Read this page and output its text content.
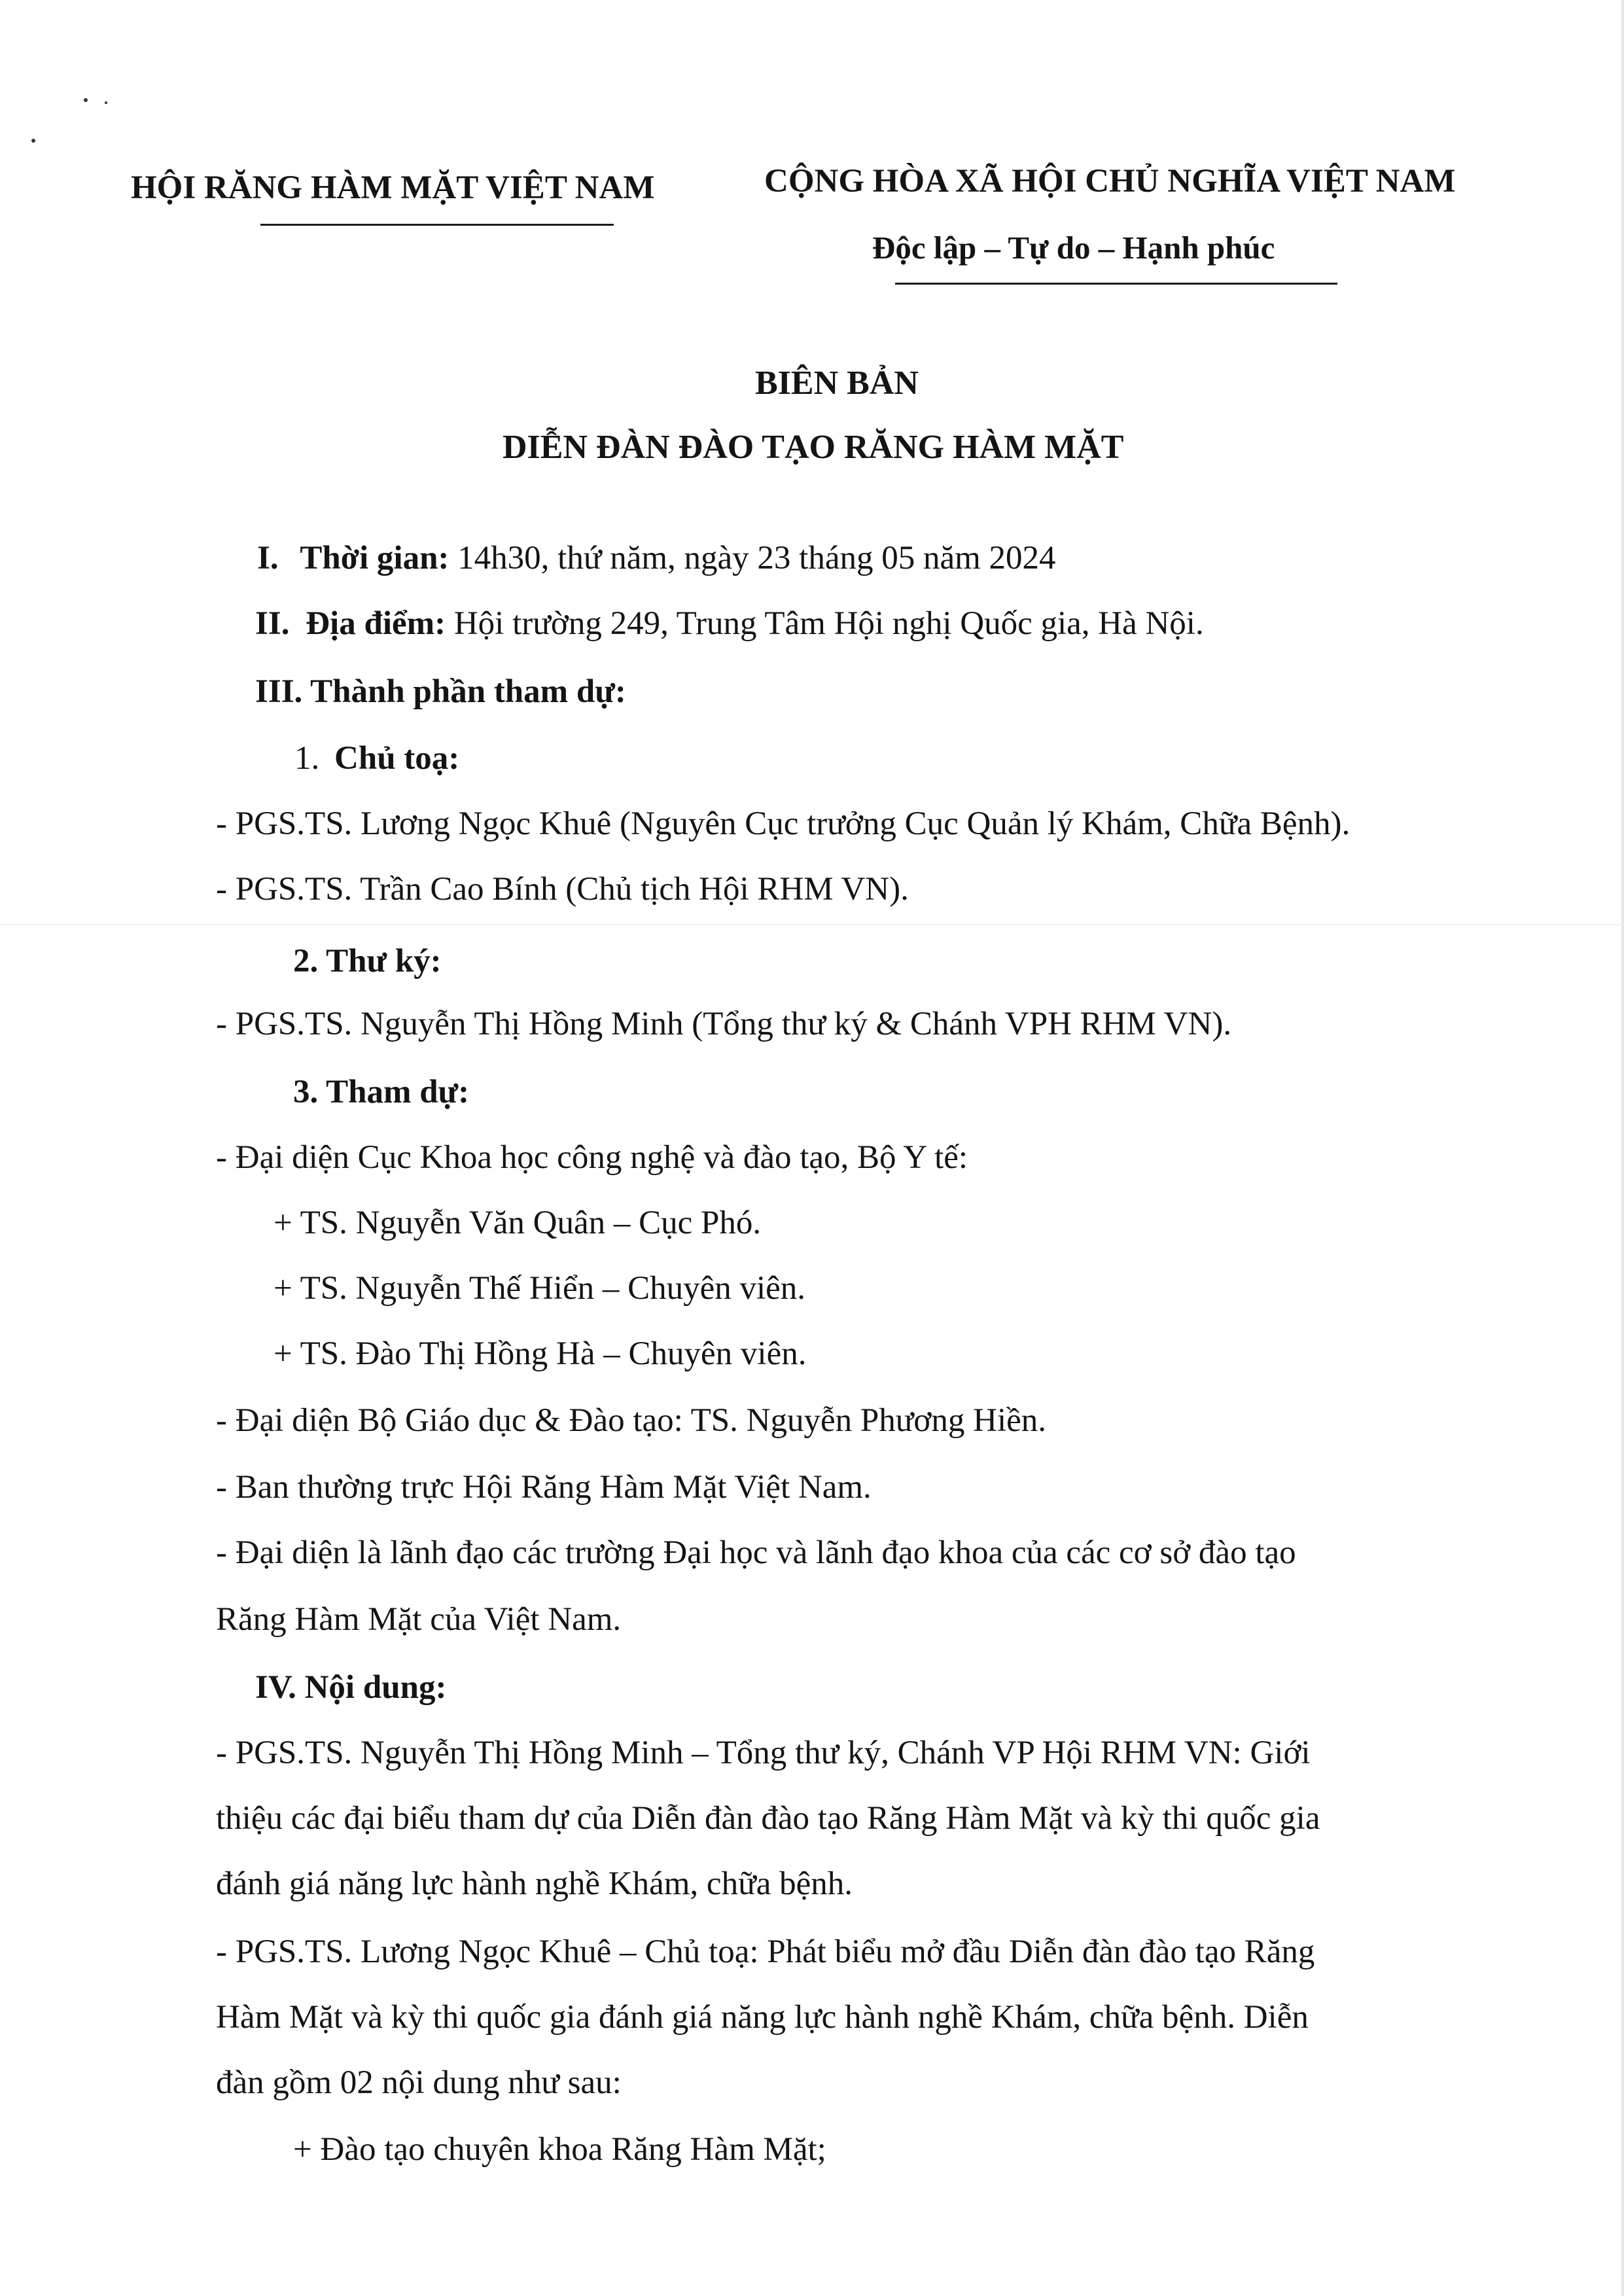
HỘI RĂNG HÀM MẶT VIỆT NAM	CỘNG HÒA XÃ HỘI CHỦ NGHĨA VIỆT NAM
Độc lập – Tự do – Hạnh phúc
BIÊN BẢN
DIỄN ĐÀN ĐÀO TẠO RĂNG HÀM MẶT
I. Thời gian: 14h30, thứ năm, ngày 23 tháng 05 năm 2024
II. Địa điểm: Hội trường 249, Trung Tâm Hội nghị Quốc gia, Hà Nội.
III. Thành phần tham dự:
1. Chủ toạ:
- PGS.TS. Lương Ngọc Khuê (Nguyên Cục trưởng Cục Quản lý Khám, Chữa Bệnh).
- PGS.TS. Trần Cao Bính (Chủ tịch Hội RHM VN).
2. Thư ký:
- PGS.TS. Nguyễn Thị Hồng Minh (Tổng thư ký & Chánh VPH RHM VN).
3. Tham dự:
- Đại diện Cục Khoa học công nghệ và đào tạo, Bộ Y tế:
+ TS. Nguyễn Văn Quân – Cục Phó.
+ TS. Nguyễn Thế Hiển – Chuyên viên.
+ TS. Đào Thị Hồng Hà – Chuyên viên.
- Đại diện Bộ Giáo dục & Đào tạo: TS. Nguyễn Phương Hiền.
- Ban thường trực Hội Răng Hàm Mặt Việt Nam.
- Đại diện là lãnh đạo các trường Đại học và lãnh đạo khoa của các cơ sở đào tạo
Răng Hàm Mặt của Việt Nam.
IV. Nội dung:
- PGS.TS. Nguyễn Thị Hồng Minh – Tổng thư ký, Chánh VP Hội RHM VN: Giới
thiệu các đại biểu tham dự của Diễn đàn đào tạo Răng Hàm Mặt và kỳ thi quốc gia
đánh giá năng lực hành nghề Khám, chữa bệnh.
- PGS.TS. Lương Ngọc Khuê – Chủ toạ: Phát biểu mở đầu Diễn đàn đào tạo Răng
Hàm Mặt và kỳ thi quốc gia đánh giá năng lực hành nghề Khám, chữa bệnh. Diễn
đàn gồm 02 nội dung như sau:
+ Đào tạo chuyên khoa Răng Hàm Mặt;
